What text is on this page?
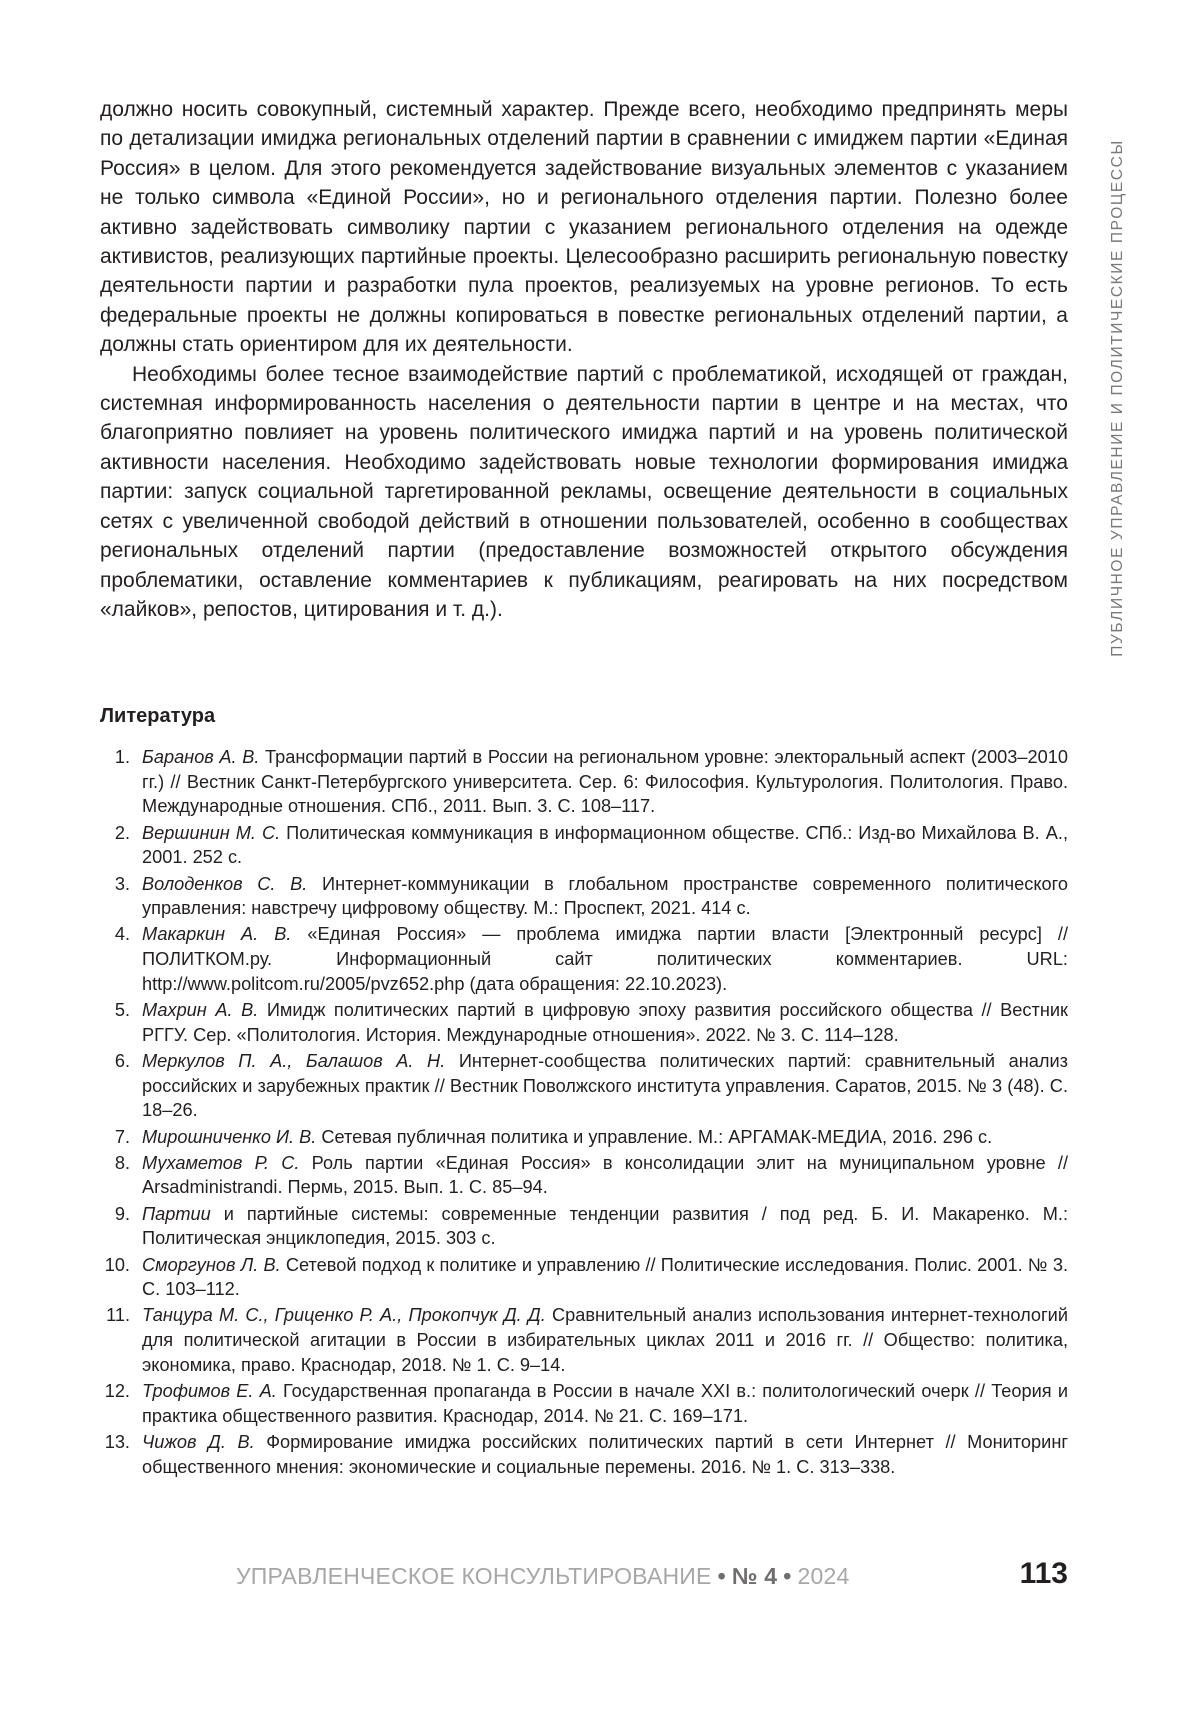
ПУБЛИЧНОЕ УПРАВЛЕНИЕ И ПОЛИТИЧЕСКИЕ ПРОЦЕССЫ

должно носить совокупный, системный характер. Прежде всего, необходимо предпринять меры по детализации имиджа региональных отделений партии в сравнении с имиджем партии «Единая Россия» в целом. Для этого рекомендуется задействование визуальных элементов с указанием не только символа «Единой России», но и регионального отделения партии. Полезно более активно задействовать символику партии с указанием регионального отделения на одежде активистов, реализующих партийные проекты. Целесообразно расширить региональную повестку деятельности партии и разработки пула проектов, реализуемых на уровне регионов. То есть федеральные проекты не должны копироваться в повестке региональных отделений партии, а должны стать ориентиром для их деятельности.

Необходимы более тесное взаимодействие партий с проблематикой, исходящей от граждан, системная информированность населения о деятельности партии в центре и на местах, что благоприятно повлияет на уровень политического имиджа партий и на уровень политической активности населения. Необходимо задействовать новые технологии формирования имиджа партии: запуск социальной таргетированной рекламы, освещение деятельности в социальных сетях с увеличенной свободой действий в отношении пользователей, особенно в сообществах региональных отделений партии (предоставление возможностей открытого обсуждения проблематики, оставление комментариев к публикациям, реагировать на них посредством «лайков», репостов, цитирования и т. д.).

Литература
1. Баранов А. В. Трансформации партий в России на региональном уровне: электоральный аспект (2003–2010 гг.) // Вестник Санкт-Петербургского университета. Сер. 6: Философия. Культурология. Политология. Право. Международные отношения. СПб., 2011. Вып. 3. С. 108–117.
2. Вершинин М. С. Политическая коммуникация в информационном обществе. СПб.: Изд-во Михайлова В. А., 2001. 252 с.
3. Володенков С. В. Интернет-коммуникации в глобальном пространстве современного политического управления: навстречу цифровому обществу. М.: Проспект, 2021. 414 с.
4. Макаркин А. В. «Единая Россия» — проблема имиджа партии власти [Электронный ресурс] // ПОЛИТКОМ.ру. Информационный сайт политических комментариев. URL: http://www.politcom.ru/2005/pvz652.php (дата обращения: 22.10.2023).
5. Махрин А. В. Имидж политических партий в цифровую эпоху развития российского общества // Вестник РГГУ. Сер. «Политология. История. Международные отношения». 2022. № 3. С. 114–128.
6. Меркулов П. А., Балашов А. Н. Интернет-сообщества политических партий: сравнительный анализ российских и зарубежных практик // Вестник Поволжского института управления. Саратов, 2015. № 3 (48). С. 18–26.
7. Мирошниченко И. В. Сетевая публичная политика и управление. М.: АРГАМАК-МЕДИА, 2016. 296 с.
8. Мухаметов Р. С. Роль партии «Единая Россия» в консолидации элит на муниципальном уровне // Arsadministrandi. Пермь, 2015. Вып. 1. С. 85–94.
9. Партии и партийные системы: современные тенденции развития / под ред. Б. И. Макаренко. М.: Политическая энциклопедия, 2015. 303 с.
10. Сморгунов Л. В. Сетевой подход к политике и управлению // Политические исследования. Полис. 2001. № 3. С. 103–112.
11. Танцура М. С., Гриценко Р. А., Прокопчук Д. Д. Сравнительный анализ использования интернет-технологий для политической агитации в России в избирательных циклах 2011 и 2016 гг. // Общество: политика, экономика, право. Краснодар, 2018. № 1. С. 9–14.
12. Трофимов Е. А. Государственная пропаганда в России в начале XXI в.: политологический очерк // Теория и практика общественного развития. Краснодар, 2014. № 21. С. 169–171.
13. Чижов Д. В. Формирование имиджа российских политических партий в сети Интернет // Мониторинг общественного мнения: экономические и социальные перемены. 2016. № 1. С. 313–338.
УПРАВЛЕНЧЕСКОЕ КОНСУЛЬТИРОВАНИЕ • № 4 • 2024	113
